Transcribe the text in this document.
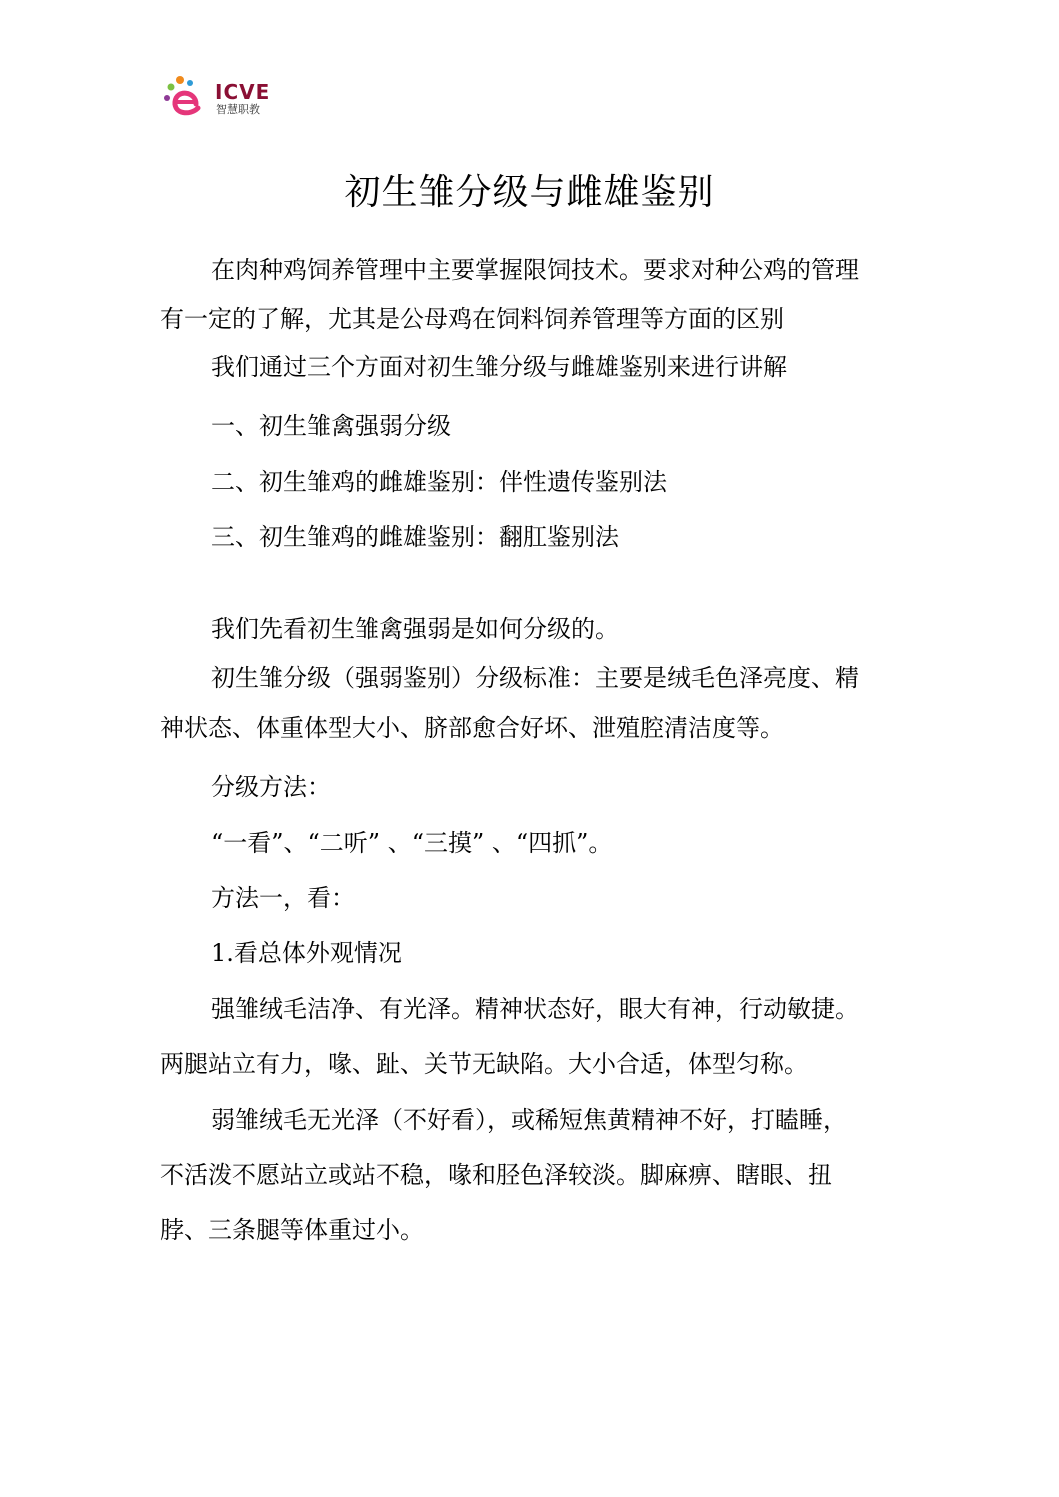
ICVE
智慧职教
初生雏分级与雌雄鉴别

在肉种鸡饲养管理中主要掌握限饲技术。要求对种公鸡的管理

有一定的了解，尤其是公母鸡在饲料饲养管理等方面的区别

我们通过三个方面对初生雏分级与雌雄鉴别来进行讲解

一、初生雏禽强弱分级

二、初生雏鸡的雌雄鉴别：伴性遗传鉴别法

三、初生雏鸡的雌雄鉴别：翻肛鉴别法

我们先看初生雏禽强弱是如何分级的。

初生雏分级（强弱鉴别）分级标准：主要是绒毛色泽亮度、精

神状态、体重体型大小、脐部愈合好坏、泄殖腔清洁度等。

分级方法：

“一看”、“二听” 、“三摸” 、“四抓”。

方法一，看：

1.看总体外观情况

强雏绒毛洁净、有光泽。精神状态好，眼大有神，行动敏捷。

两腿站立有力，喙、趾、关节无缺陷。大小合适，体型匀称。

弱雏绒毛无光泽（不好看），或稀短焦黄精神不好，打瞌睡，

不活泼不愿站立或站不稳，喙和胫色泽较淡。脚麻痹、瞎眼、扭

脖、三条腿等体重过小。
